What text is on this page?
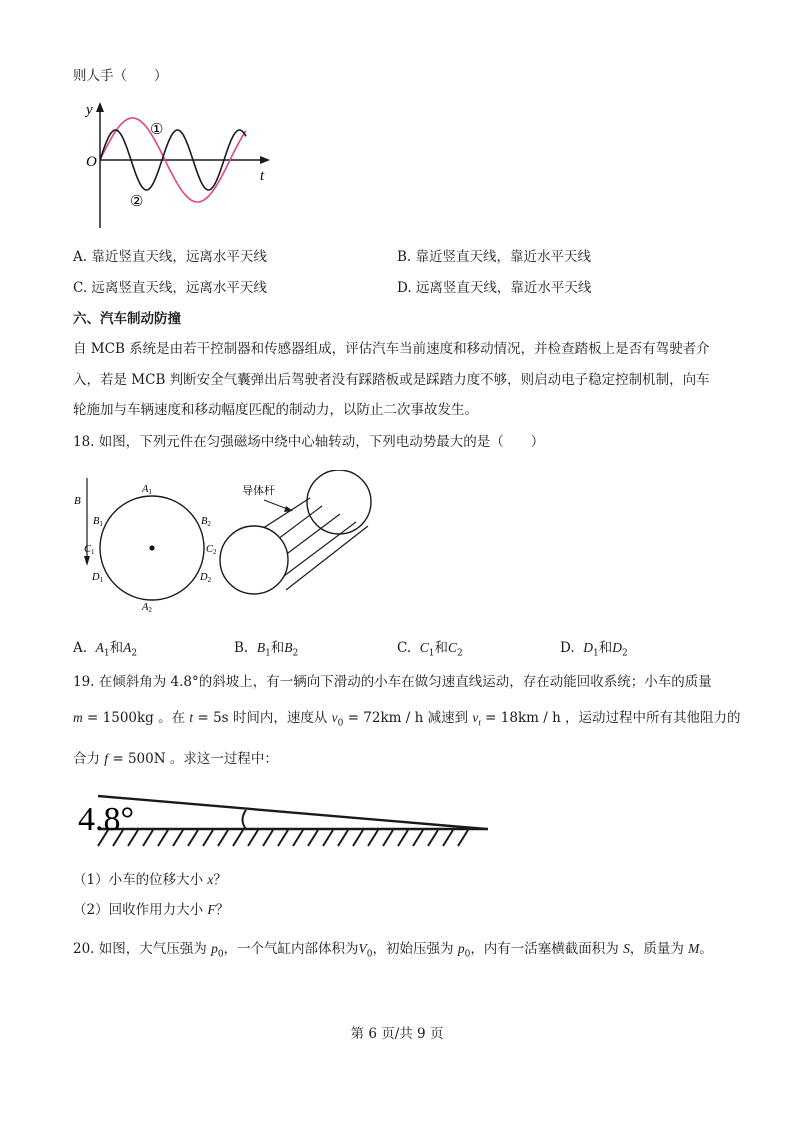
则人手（　　）
y
t
O
①
②
A. 靠近竖直天线，远离水平天线	B. 靠近竖直天线，靠近水平天线
C. 远离竖直天线，远离水平天线	D. 远离竖直天线，靠近水平天线
六、汽车制动防撞
自 MCB 系统是由若干控制器和传感器组成，评估汽车当前速度和移动情况，并检查踏板上是否有驾驶者介
入，若是 MCB 判断安全气囊弹出后驾驶者没有踩踏板或是踩踏力度不够，则启动电子稳定控制机制，向车
轮施加与车辆速度和移动幅度匹配的制动力，以防止二次事故发生。
18. 如图，下列元件在匀强磁场中绕中心轴转动，下列电动势最大的是（　　）
B
A1
A2
B1	B2
C1	C2
D1	D2
导体杆
A. $A_1$和$A_2$	B. $B_1$和$B_2$	C. $C_1$和$C_2$	D. $D_1$和$D_2$
19. 在倾斜角为 4.8°的斜坡上，有一辆向下滑动的小车在做匀速直线运动，存在动能回收系统；小车的质量
m = 1500kg 。在 t = 5s 时间内，速度从 $v_0 = 72km / h$ 减速到 $v_t = 18km / h$ ，运动过程中所有其他阻力的
合力 f = 500N 。求这一过程中：
4.8°
（1）小车的位移大小 x？
（2）回收作用力大小 F？
20. 如图，大气压强为 $p_0$，一个气缸内部体积为$V_0$，初始压强为 $p_0$，内有一活塞横截面积为 S，质量为 M。
第 6 页/共 9 页
